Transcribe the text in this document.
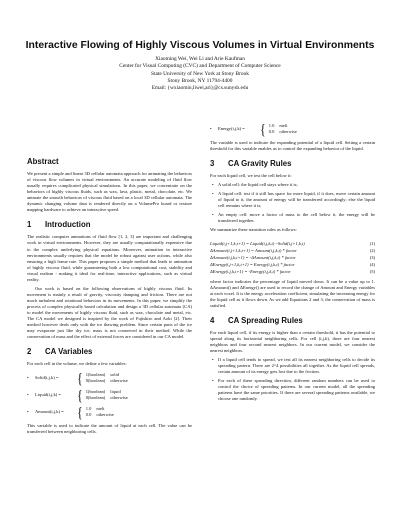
Interactive Flowing of Highly Viscous Volumes in Virtual Environments
Xiaoming Wei, Wei Li and Arie Kaufman
Center for Visual Computing (CVC) and Department of Computer Science
State University of New York at Stony Brook
Stony Brook, NY 11794-4400
Email: {wxiaomin,liwei,ari}@cs.sunysb.edu
Abstract

We present a simple and linear 3D cellular automata approach for animating the behaviors of viscous flow volumes in virtual environments. An accurate modeling of fluid flow usually requires complicated physical simulations. In this paper, we concentrate on the behaviors of highly viscous fluids, such as wax, lava, plastic, metal, chocolate, etc. We animate the smooth behaviors of viscous fluid based on a local 3D cellular automata. The dynamic changing volume data is rendered directly on a VolumePro board or texture mapping hardware to achieve an interactive speed.

1 Introduction

The realistic computer animations of fluid flow [1, 2, 3] are important and challenging work in virtual environments. However, they are usually computationally expensive due to the complex underlying physical equations. Moreover, animation in interactive environments usually requires that the model be robust against user actions, while also ensuring a high frame rate. This paper proposes a simple method that leads to animation of highly viscous fluid, while guaranteeing both a low computational cost, stability and visual realism - making it ideal for real-time, interactive applications, such as virtual reality.

Our work is based on the following observations of highly viscous fluid. Its movement is mainly a result of gravity, viscosity damping and friction. There are not much turbulent and rotational behaviors in its movements. In this paper, we simplify the process of complex physically based calculation and design a 3D cellular automata (CA) to model the movements of highly viscous fluid, such as wax, chocolate and metal, etc. The CA model we designed is inspired by the work of Fujishiro and Aoki [2]. Their method however deals only with the ice thawing problem. Since certain parts of the ice may evaporate just like dry ice, mass is not conserved in their method. While the conservation of mass and the effect of external forces are considered in our CA model.

2 CA Variables

For each cell in the volume, we define a few variables:

•	Solid(i,j,k) =	{ 1(boolean)	solid
0(boolean)	otherwise
•	Liquid(i,j,k) =	{ 1(boolean)	liquid
0(boolean)	otherwise
•	Amount(i,j,k) =	{ 1.0	melt
0.0	otherwise

This variable is used to indicate the amount of liquid at each cell. The value can be transferred between neighboring cells.

•	Energy(i,j,k) =	{ 1.0	melt
0.0	otherwise

The variable is used to indicate the expanding potential of a liquid cell. Setting a certain threshold for this variable enables us to control the expanding behavior of the liquid.

3 CA Gravity Rules

For each liquid cell, we test the cell below it:

• A solid cell: the liquid cell stays where it is;
• A liquid cell: test if it still has space for more liquid, if it does, move certain amount of liquid to it, the amount of energy will be transferred accordingly; else the liquid cell remains where it is;
• An empty cell: move a factor of mass to the cell below it, the energy will be transferred together.

We summarize these transition rules as follows:

Liquid(i,j+1,k,t+1) = Liquid(i,j,k,t) ~Solid(i,j+1,k,t)	(1)
ΔAmount(i,j+1,k,t+1) = Amount(i,j,k,t) * factor	(2)
ΔAmount(i,j,k,t+1) = -ΔAmount(i,j,k,t) * factor	(3)
ΔEnergy(i,j+1,k,t+1) = Energy(i,j,k,t) * factor	(4)
ΔEnergy(i,j,k,t+1) = -Energy(i,j,k,t) * factor	(5)

where factor indicates the percentage of liquid moved down. It can be a value up to 1. ΔAmount() and ΔEnergy() are used to record the change of Amount and Energy variables at each voxel. It is the energy acceleration coefficient, simulating the increasing energy for the liquid cell as it flows down. As we add Equations 2 and 3, the conservation of mass is satisfied.

4 CA Spreading Rules

For each liquid cell, if its energy is higher than a certain threshold, it has the potential to spread along its horizontal neighboring cells. For cell (i,j,k), there are four nearest neighbors and four second nearest neighbors. In our current model, we consider the nearest neighbors.

• If a liquid cell tends to spread, we test all its nearest neighboring cells to decide its spreading pattern. There are 2^4 possibilities all together. As the liquid cell spreads, certain amount of its energy gets lost due to the friction.
• For each of these spreading direction, different random numbers can be used to control the choice of spreading patterns. In our current model, all the spreading patterns have the same priorities. If there are several spreading patterns available, we choose one randomly.
